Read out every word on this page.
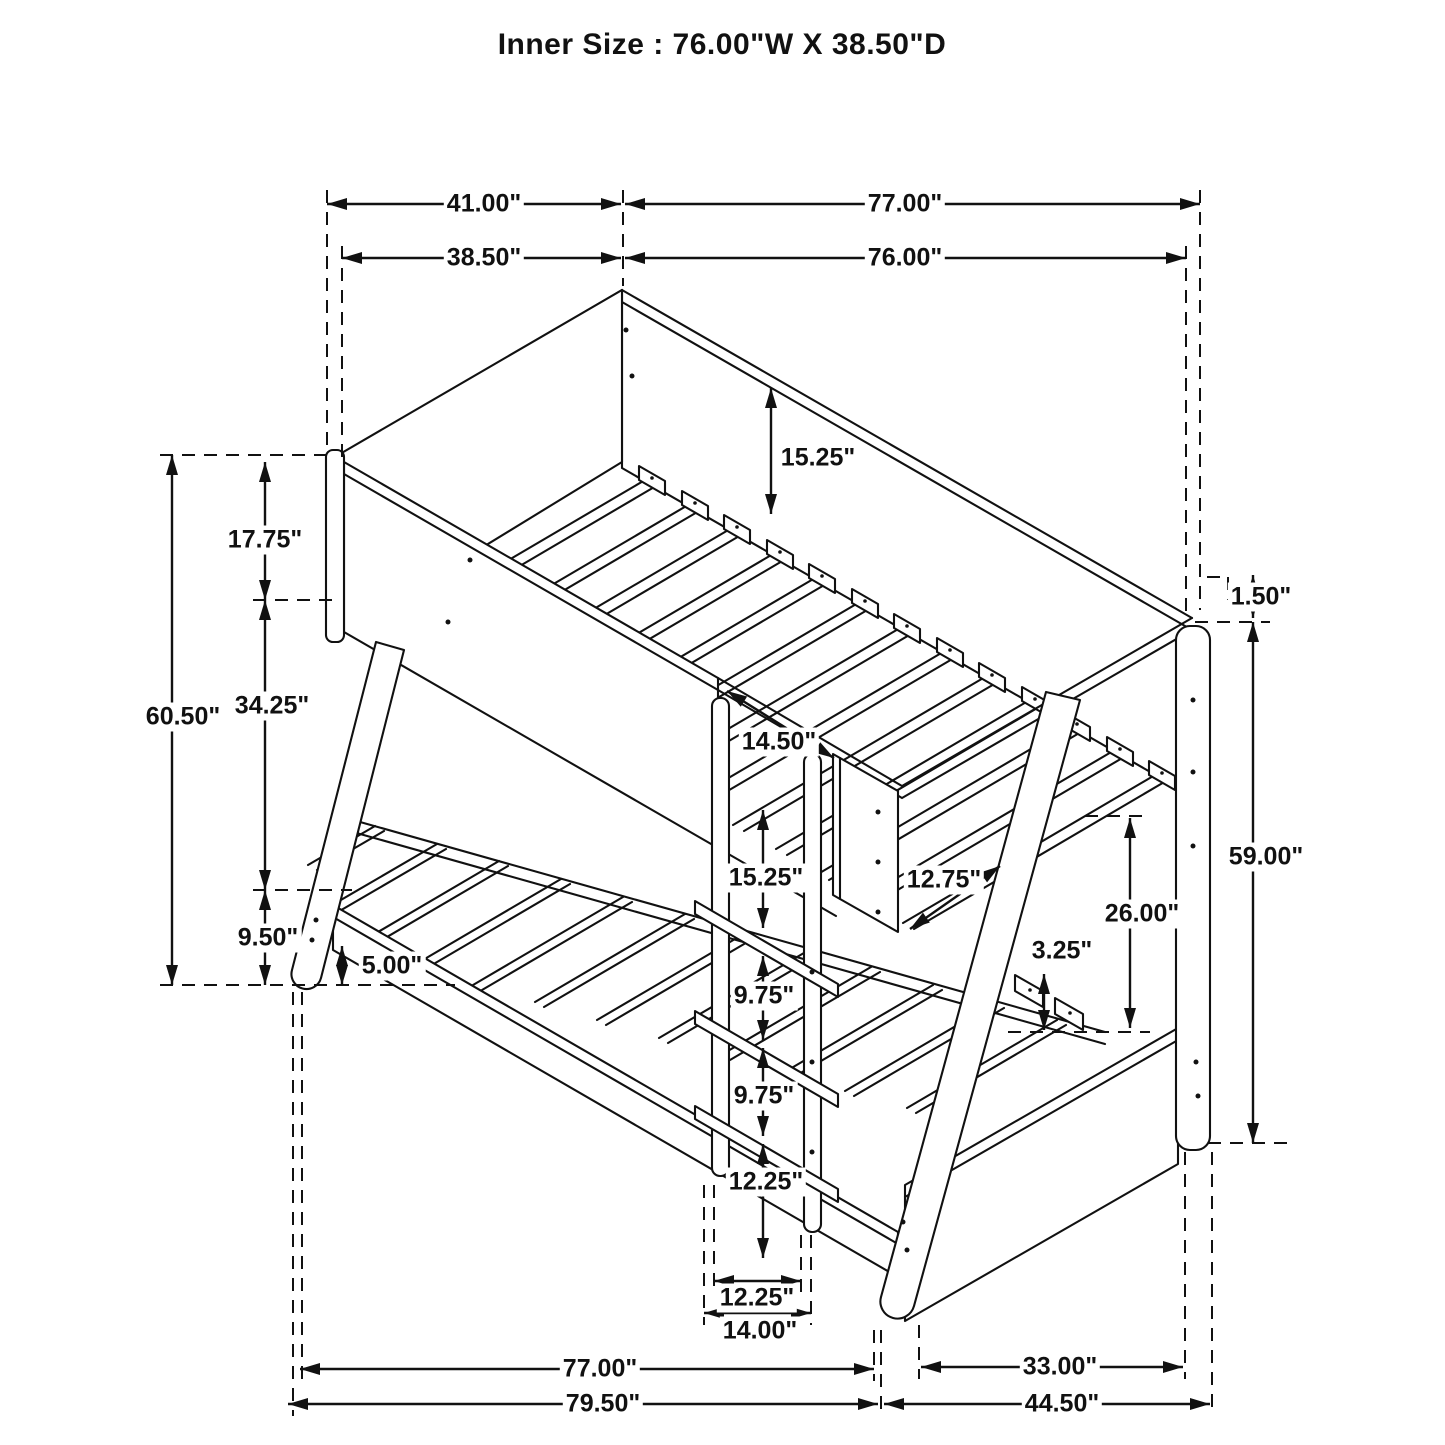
Inner Size : 76.00"W X 38.50"D
41.00"	77.00"
38.50"	76.00"
60.50"
17.75"
34.25"
9.50"
5.00"
15.25"
14.50"
15.25"
9.75"
9.75"
12.25"
12.25"
14.00"
1.50"
59.00"
12.75"
26.00"
3.25"
77.00"
79.50"
33.00"
44.50"
